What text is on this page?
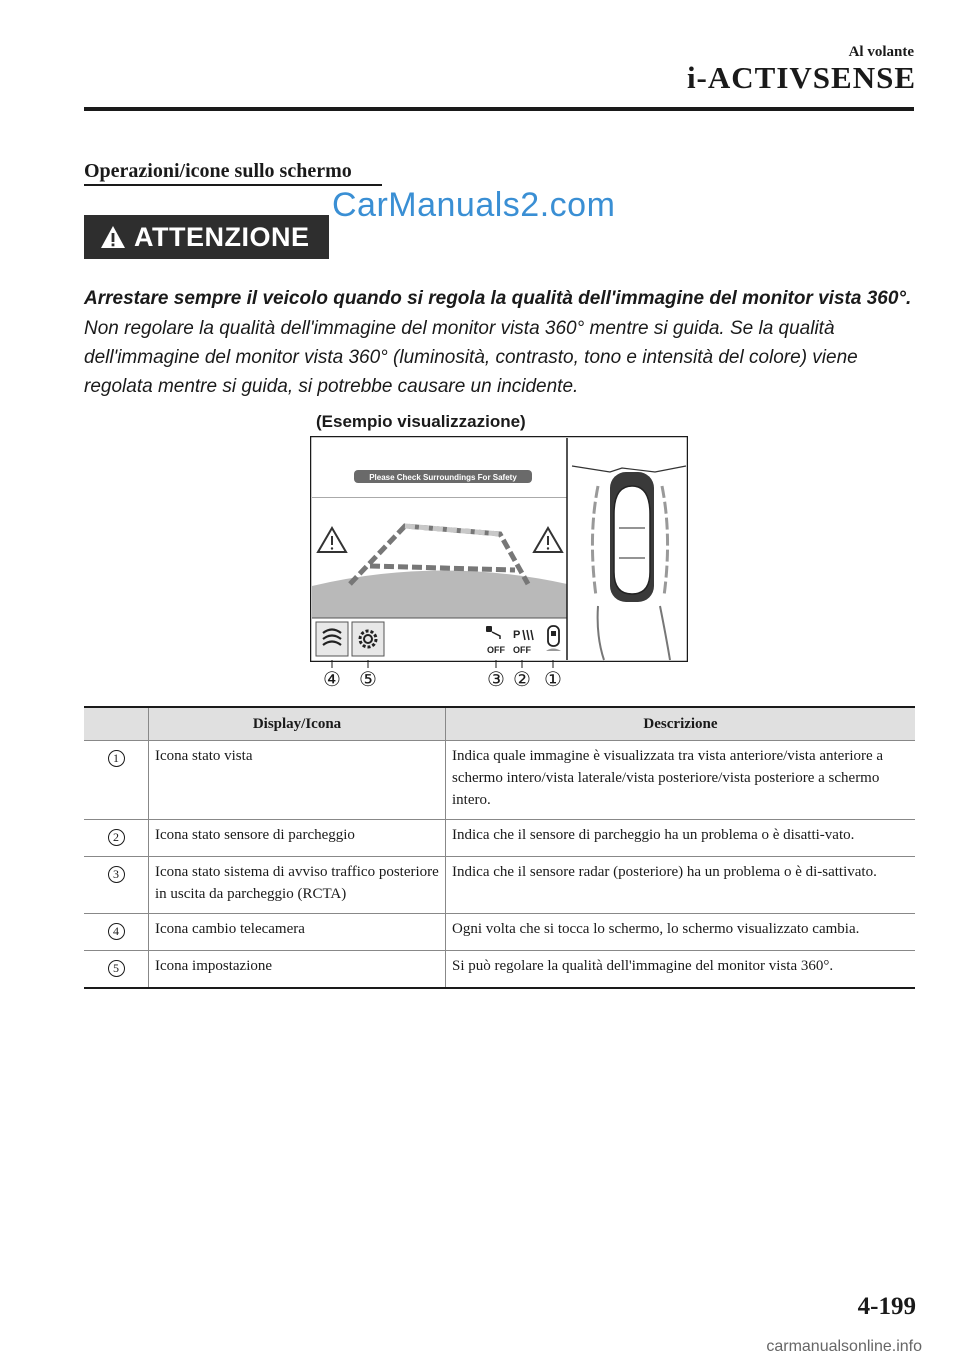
Al volante
i-ACTIVSENSE
Operazioni/icone sullo schermo
CarManuals2.com
ATTENZIONE
Arrestare sempre il veicolo quando si regola la qualità dell'immagine del monitor vista 360°.
Non regolare la qualità dell'immagine del monitor vista 360° mentre si guida. Se la qualità dell'immagine del monitor vista 360° (luminosità, contrasto, tono e intensità del colore) viene regolata mentre si guida, si potrebbe causare un incidente.
(Esempio visualizzazione)
Please Check Surroundings For Safety
OFF
P
OFF
④ ⑤	③ ② ①
	Display/Icona	Descrizione
1	Icona stato vista	Indica quale immagine è visualizzata tra vista anteriore/vista anteriore a schermo intero/vista laterale/vista posteriore/vista posteriore a schermo intero.
2	Icona stato sensore di parcheggio	Indica che il sensore di parcheggio ha un problema o è disatti-vato.
3	Icona stato sistema di avviso traffico posteriore in uscita da parcheggio (RCTA)	Indica che il sensore radar (posteriore) ha un problema o è di-sattivato.
4	Icona cambio telecamera	Ogni volta che si tocca lo schermo, lo schermo visualizzato cambia.
5	Icona impostazione	Si può regolare la qualità dell'immagine del monitor vista 360°.
4-199
carmanualsonline.info
